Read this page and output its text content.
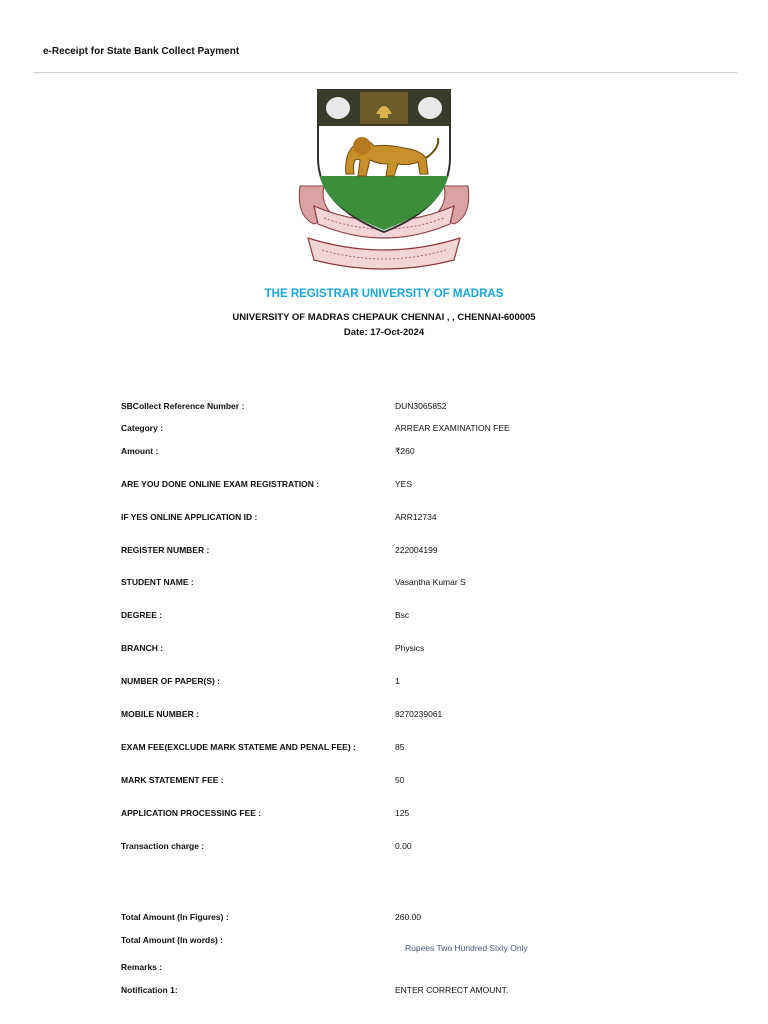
e-Receipt for State Bank Collect Payment
THE REGISTRAR UNIVERSITY OF MADRAS
UNIVERSITY OF MADRAS CHEPAUK CHENNAI , , CHENNAI-600005
Date: 17-Oct-2024
SBCollect Reference Number :	DUN3065852
Category :	ARREAR EXAMINATION FEE
Amount :	₹260
ARE YOU DONE ONLINE EXAM REGISTRATION :	YES
IF YES ONLINE APPLICATION ID :	ARR12734
REGISTER NUMBER :	222004199
STUDENT NAME :	Vasantha Kumar S
DEGREE :	Bsc
BRANCH :	Physics
NUMBER OF PAPER(S) :	1
MOBILE NUMBER :	8270239061
EXAM FEE(EXCLUDE MARK STATEME AND PENAL FEE) :	85
MARK STATEMENT FEE :	50
APPLICATION PROCESSING FEE :	125
Transaction charge :	0.00
Total Amount (In Figures) :	260.00
Total Amount (In words) :
Rupees Two Hundred Sixty Only
Remarks :
Notification 1:	ENTER CORRECT AMOUNT.
